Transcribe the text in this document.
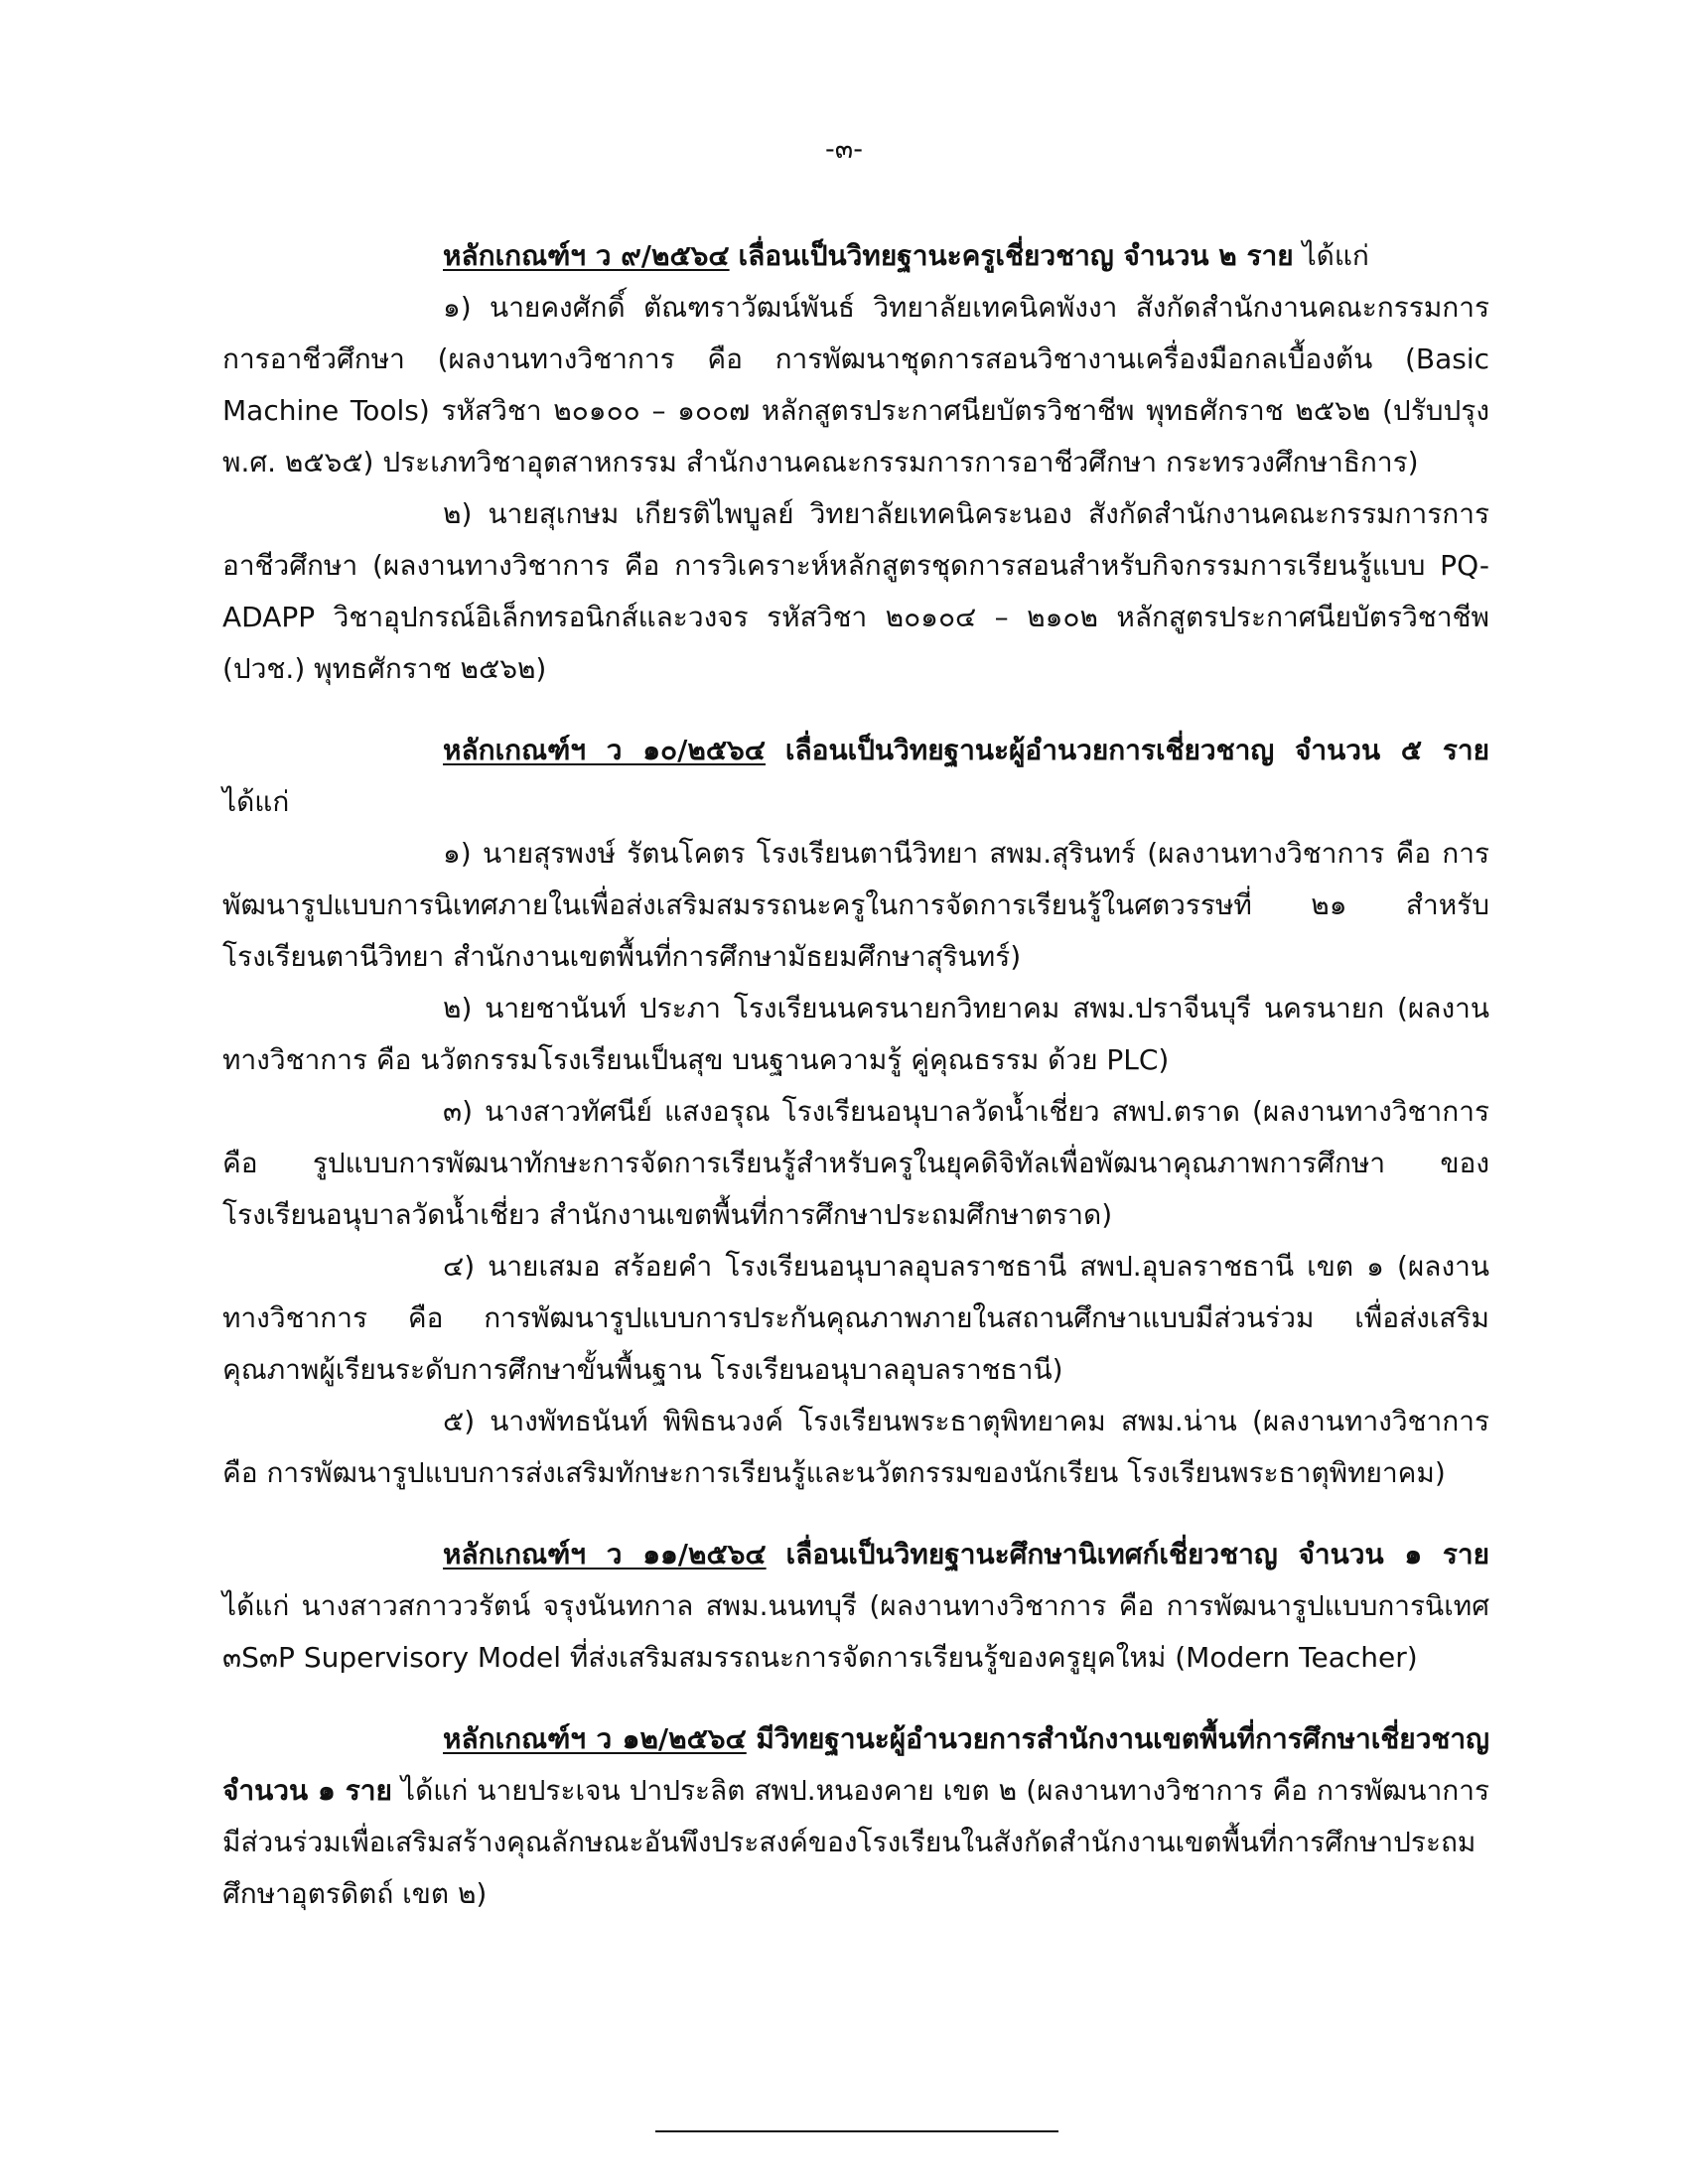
-๓-

หลักเกณฑ์ฯ ว ๙/๒๕๖๔ เลื่อนเป็นวิทยฐานะครูเชี่ยวชาญ จำนวน ๒ ราย ได้แก่

๑) นายคงศักดิ์ ตัณฑราวัฒน์พันธ์ วิทยาลัยเทคนิคพังงา สังกัดสำนักงานคณะกรรมการการอาชีวศึกษา (ผลงานทางวิชาการ คือ การพัฒนาชุดการสอนวิชางานเครื่องมือกลเบื้องต้น (Basic Machine Tools) รหัสวิชา ๒๐๑๐๐ – ๑๐๐๗ หลักสูตรประกาศนียบัตรวิชาชีพ พุทธศักราช ๒๕๖๒ (ปรับปรุง พ.ศ. ๒๕๖๕) ประเภทวิชาอุตสาหกรรม สำนักงานคณะกรรมการการอาชีวศึกษา กระทรวงศึกษาธิการ)

๒) นายสุเกษม เกียรติไพบูลย์ วิทยาลัยเทคนิคระนอง สังกัดสำนักงานคณะกรรมการการอาชีวศึกษา (ผลงานทางวิชาการ คือ การวิเคราะห์หลักสูตรชุดการสอนสำหรับกิจกรรมการเรียนรู้แบบ PQ-ADAPP วิชาอุปกรณ์อิเล็กทรอนิกส์และวงจร รหัสวิชา ๒๐๑๐๔ – ๒๑๐๒ หลักสูตรประกาศนียบัตรวิชาชีพ (ปวช.) พุทธศักราช ๒๕๖๒)

หลักเกณฑ์ฯ ว ๑๐/๒๕๖๔ เลื่อนเป็นวิทยฐานะผู้อำนวยการเชี่ยวชาญ จำนวน ๕ ราย ได้แก่

๑) นายสุรพงษ์ รัตนโคตร โรงเรียนตานีวิทยา สพม.สุรินทร์ (ผลงานทางวิชาการ คือ การพัฒนารูปแบบการนิเทศภายในเพื่อส่งเสริมสมรรถนะครูในการจัดการเรียนรู้ในศตวรรษที่ ๒๑ สำหรับโรงเรียนตานีวิทยา สำนักงานเขตพื้นที่การศึกษามัธยมศึกษาสุรินทร์)

๒) นายชานันท์ ประภา โรงเรียนนครนายกวิทยาคม สพม.ปราจีนบุรี นครนายก (ผลงานทางวิชาการ คือ นวัตกรรมโรงเรียนเป็นสุข บนฐานความรู้ คู่คุณธรรม ด้วย PLC)

๓) นางสาวทัศนีย์ แสงอรุณ โรงเรียนอนุบาลวัดน้ำเชี่ยว สพป.ตราด (ผลงานทางวิชาการ คือ รูปแบบการพัฒนาทักษะการจัดการเรียนรู้สำหรับครูในยุคดิจิทัลเพื่อพัฒนาคุณภาพการศึกษา ของโรงเรียนอนุบาลวัดน้ำเชี่ยว สำนักงานเขตพื้นที่การศึกษาประถมศึกษาตราด)

๔) นายเสมอ สร้อยคำ โรงเรียนอนุบาลอุบลราชธานี สพป.อุบลราชธานี เขต ๑ (ผลงานทางวิชาการ คือ การพัฒนารูปแบบการประกันคุณภาพภายในสถานศึกษาแบบมีส่วนร่วม เพื่อส่งเสริมคุณภาพผู้เรียนระดับการศึกษาขั้นพื้นฐาน โรงเรียนอนุบาลอุบลราชธานี)

๕) นางพัทธนันท์ พิพิธนวงค์ โรงเรียนพระธาตุพิทยาคม สพม.น่าน (ผลงานทางวิชาการ คือ การพัฒนารูปแบบการส่งเสริมทักษะการเรียนรู้และนวัตกรรมของนักเรียน โรงเรียนพระธาตุพิทยาคม)

หลักเกณฑ์ฯ ว ๑๑/๒๕๖๔ เลื่อนเป็นวิทยฐานะศึกษานิเทศก์เชี่ยวชาญ จำนวน ๑ ราย ได้แก่ นางสาวสกาววรัตน์ จรุงนันทกาล สพม.นนทบุรี (ผลงานทางวิชาการ คือ การพัฒนารูปแบบการนิเทศ ๓S๓P Supervisory Model ที่ส่งเสริมสมรรถนะการจัดการเรียนรู้ของครูยุคใหม่ (Modern Teacher)

หลักเกณฑ์ฯ ว ๑๒/๒๕๖๔ มีวิทยฐานะผู้อำนวยการสำนักงานเขตพื้นที่การศึกษาเชี่ยวชาญ จำนวน ๑ ราย ได้แก่ นายประเจน ปาประลิต สพป.หนองคาย เขต ๒ (ผลงานทางวิชาการ คือ การพัฒนาการมีส่วนร่วมเพื่อเสริมสร้างคุณลักษณะอันพึงประสงค์ของโรงเรียนในสังกัดสำนักงานเขตพื้นที่การศึกษาประถมศึกษาอุตรดิตถ์ เขต ๒)
